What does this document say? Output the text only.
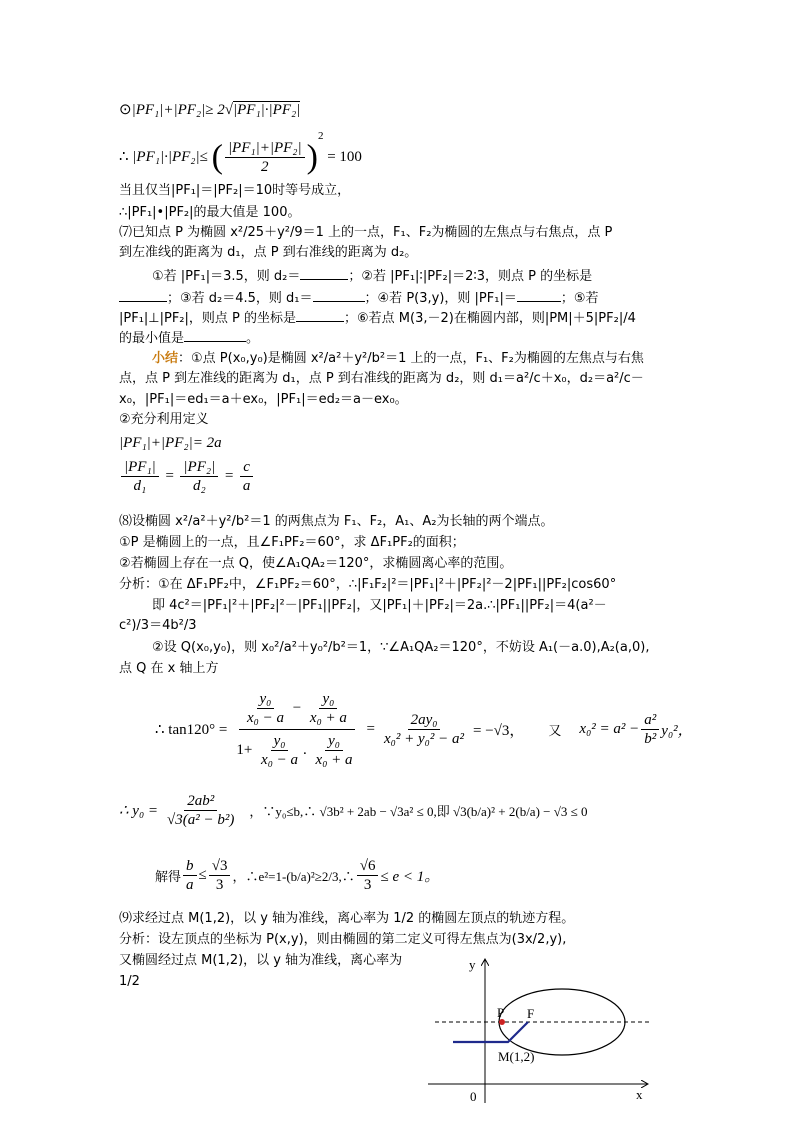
⊙|PF₁|+|PF₂|≥ 2√|PF₁|·|PF₂|
∴ |PF₁|·|PF₂|≤ ( $\frac{\text{|PF₁|+|PF₂|}}{2} )^2 = 100$
当且仅当|PF₁|＝|PF₂|＝10时等号成立，
∴|PF₁|•|PF₂|的最大值是 100。
⑺已知点 P 为椭圆 x²/25＋y²/9＝1 上的一点，F₁、F₂为椭圆的左焦点与右焦点，点 P
到左准线的距离为 d₁，点 P 到右准线的距离为 d₂。
①若 |PF₁|＝3.5，则 d₂＝	；②若 |PF₁|∶|PF₂|＝2∶3，则点 P 的坐标是
；③若 d₂＝4.5，则 d₁＝	；④若 P(3,y)，则 |PF₁|＝	；⑤若
|PF₁|⊥|PF₂|，则点 P 的坐标是	；⑥若点 M(3,－2)在椭圆内部，则|PM|＋5|PF₂|/4
的最小值是	。
小结：①点 P(x₀,y₀)是椭圆 x²/a²＋y²/b²＝1 上的一点，F₁、F₂为椭圆的左焦点与右焦
点，点 P 到左准线的距离为 d₁，点 P 到右准线的距离为 d₂，则 d₁＝a²/c＋x₀，d₂＝a²/c－
x₀，|PF₁|＝ed₁＝a＋ex₀，|PF₁|＝ed₂＝a－ex₀。
②充分利用定义
|PF₁|+|PF₂|= 2a
$\frac{\text{|PF₁|}}{\text{d₁}} = \frac{\text{|PF₂|}}{\text{d₂}} = \frac{c}{a}$
⑻设椭圆 x²/a²＋y²/b²＝1 的两焦点为 F₁、F₂，A₁、A₂为长轴的两个端点。
①P 是椭圆上的一点，且∠F₁PF₂＝60°，求 ΔF₁PF₂的面积；
②若椭圆上存在一点 Q，使∠A₁QA₂＝120°，求椭圆离心率的范围。
分析：①在 ΔF₁PF₂中，∠F₁PF₂＝60°，∴|F₁F₂|²＝|PF₁|²＋|PF₂|²－2|PF₁||PF₂|cos60°
即 4c²＝|PF₁|²＋|PF₂|²－|PF₁||PF₂|，又|PF₁|＋|PF₂|＝2a.∴|PF₁||PF₂|＝4(a²－
c²)/3＝4b²/3
②设 Q(x₀,y₀)，则 x₀²/a²＋y₀²/b²＝1，∵∠A₁QA₂＝120°，不妨设 A₁(－a.0),A₂(a,0),
点 Q 在 x 轴上方
∴ $\tan 120^\circ = \frac{\frac{\text{y₀}}{\text{x₀ − a}} - \frac{\text{y₀}}{\text{x₀ + a}}}{1+ \frac{\text{y₀}}{\text{x₀ − a}} . \frac{\text{y₀}}{\text{x₀ + a}}} = \frac{\text{2ay₀}}{\text{x₀² + y₀² − a²}} = -√3$， 又 $x_0^2 = a^2 - \frac{\text{a²}}{\text{b²}} y_0^2$，
∴ $y_0 = \frac{\text{2ab²}}{\text{√3(a² − b²)}}$ ，∵y₀≤b,∴ √3b² + 2ab − √3a² ≤ 0,即 √3(b/a)² + 2(b/a) − √3 ≤ 0
解得 $\frac{b}{a} \le \frac{√3}{3}$ ，∴e²=1-(b/a)²≥2/3,∴ $\frac{√6}{3} \le e < 1$。
⑼求经过点 M(1,2)，以 y 轴为准线，离心率为 1/2 的椭圆左顶点的轨迹方程。
分析：设左顶点的坐标为 P(x,y)，则由椭圆的第二定义可得左焦点为(3x/2,y),
又椭圆经过点 M(1,2)，以 y 轴为准线，离心率为
1/2
P F
M(1,2)
y
x
0
